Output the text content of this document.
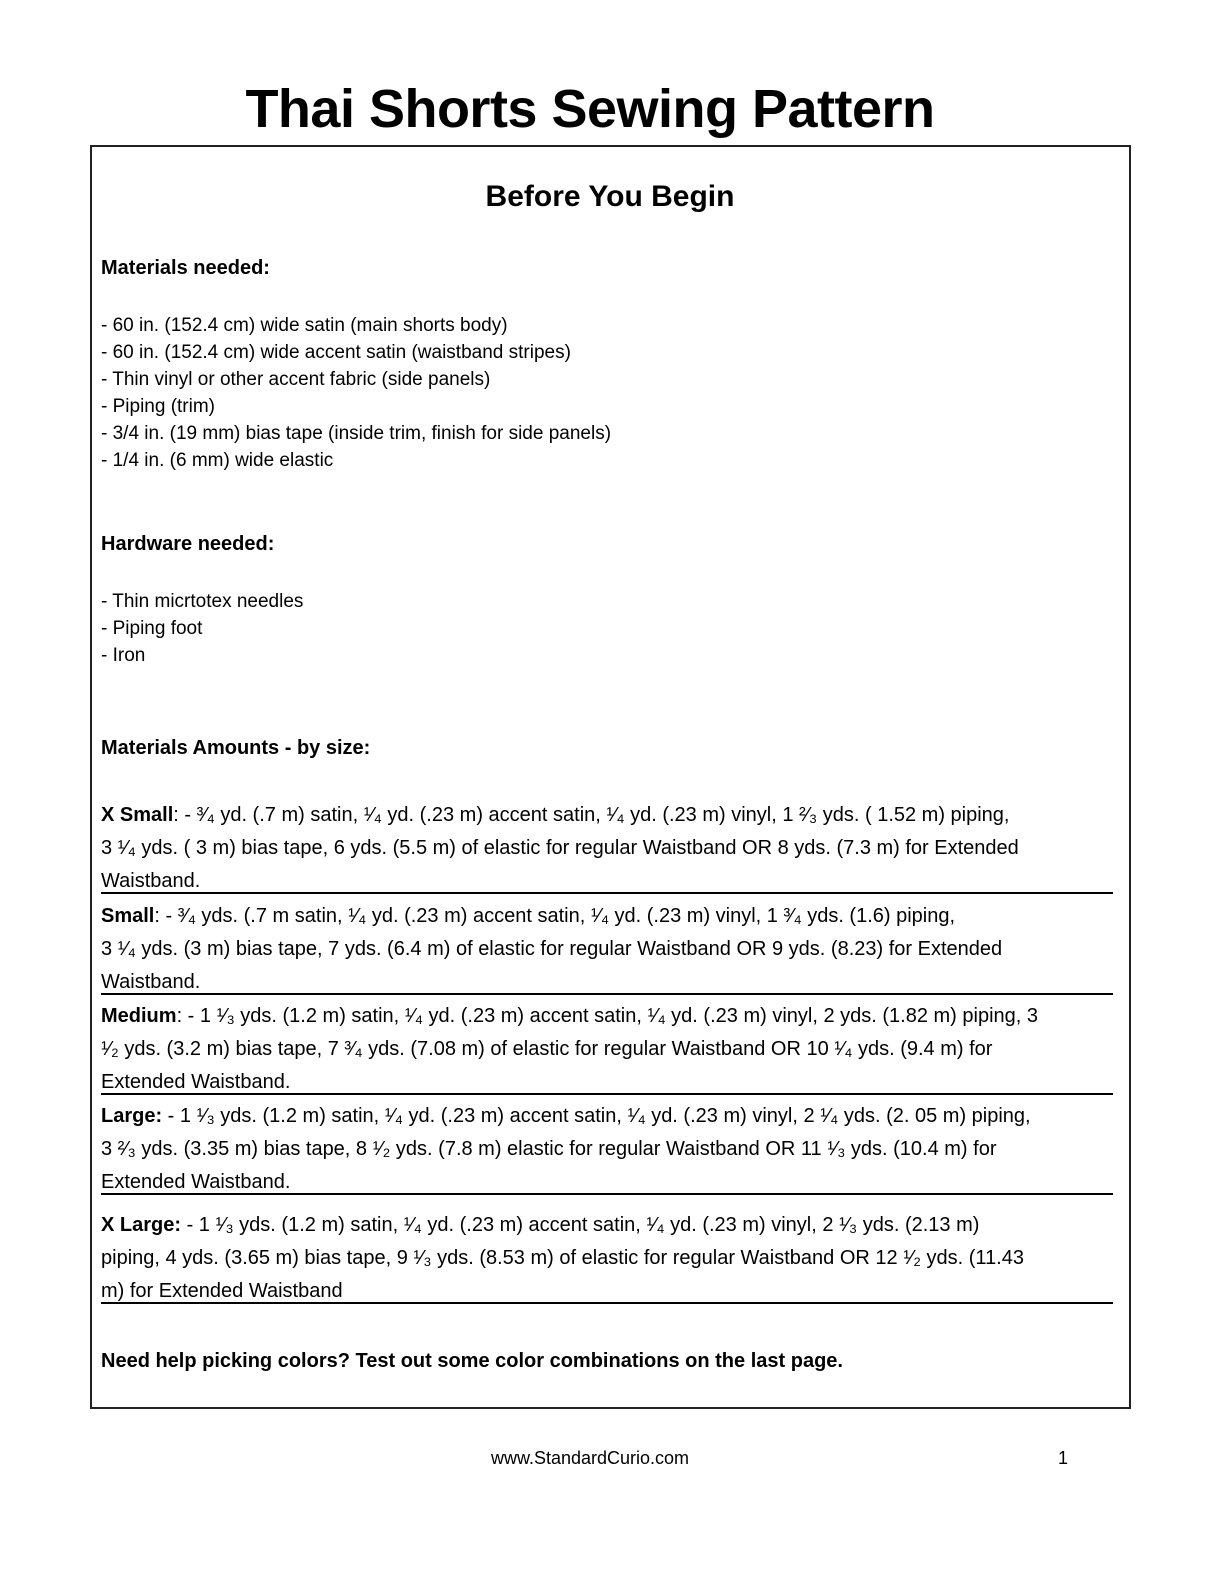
Thai Shorts Sewing Pattern
Before You Begin
Materials needed:
- 60 in. (152.4 cm) wide satin (main shorts body)
- 60 in. (152.4 cm) wide accent satin (waistband stripes)
- Thin vinyl or other accent fabric (side panels)
- Piping (trim)
- 3/4 in. (19 mm) bias tape (inside trim, finish for side panels)
- 1/4 in. (6 mm) wide elastic
Hardware needed:
- Thin micrtotex needles
- Piping foot
- Iron
Materials Amounts - by size:
X Small: - ³⁄₄ yd. (.7 m) satin, ¹⁄₄ yd. (.23 m) accent satin, ¹⁄₄ yd. (.23 m) vinyl, 1 ²⁄₃ yds. ( 1.52 m) piping,
3 ¹⁄₄ yds. ( 3 m) bias tape, 6 yds. (5.5 m) of elastic for regular Waistband OR 8 yds. (7.3 m) for Extended
Waistband.
Small: - ³⁄₄ yds. (.7 m satin, ¹⁄₄ yd. (.23 m) accent satin, ¹⁄₄ yd. (.23 m) vinyl, 1 ³⁄₄ yds. (1.6) piping,
3 ¹⁄₄ yds. (3 m) bias tape, 7 yds. (6.4 m) of elastic for regular Waistband OR 9 yds. (8.23) for Extended
Waistband.
Medium: - 1 ¹⁄₃ yds. (1.2 m) satin, ¹⁄₄ yd. (.23 m) accent satin, ¹⁄₄ yd. (.23 m) vinyl, 2 yds. (1.82 m) piping, 3
¹⁄₂ yds. (3.2 m) bias tape, 7 ³⁄₄ yds. (7.08 m) of elastic for regular Waistband OR 10 ¹⁄₄ yds. (9.4 m) for
Extended Waistband.
Large: - 1 ¹⁄₃ yds. (1.2 m) satin, ¹⁄₄ yd. (.23 m) accent satin, ¹⁄₄ yd. (.23 m) vinyl, 2 ¹⁄₄ yds. (2. 05 m) piping,
3 ²⁄₃ yds. (3.35 m) bias tape, 8 ¹⁄₂ yds. (7.8 m) elastic for regular Waistband OR 11 ¹⁄₃ yds. (10.4 m) for
Extended Waistband.
X Large: - 1 ¹⁄₃ yds. (1.2 m) satin, ¹⁄₄ yd. (.23 m) accent satin, ¹⁄₄ yd. (.23 m) vinyl, 2 ¹⁄₃ yds. (2.13 m)
piping, 4 yds. (3.65 m) bias tape, 9 ¹⁄₃ yds. (8.53 m) of elastic for regular Waistband OR 12 ¹⁄₂ yds. (11.43
m) for Extended Waistband
Need help picking colors? Test out some color combinations on the last page.
www.StandardCurio.com	1
